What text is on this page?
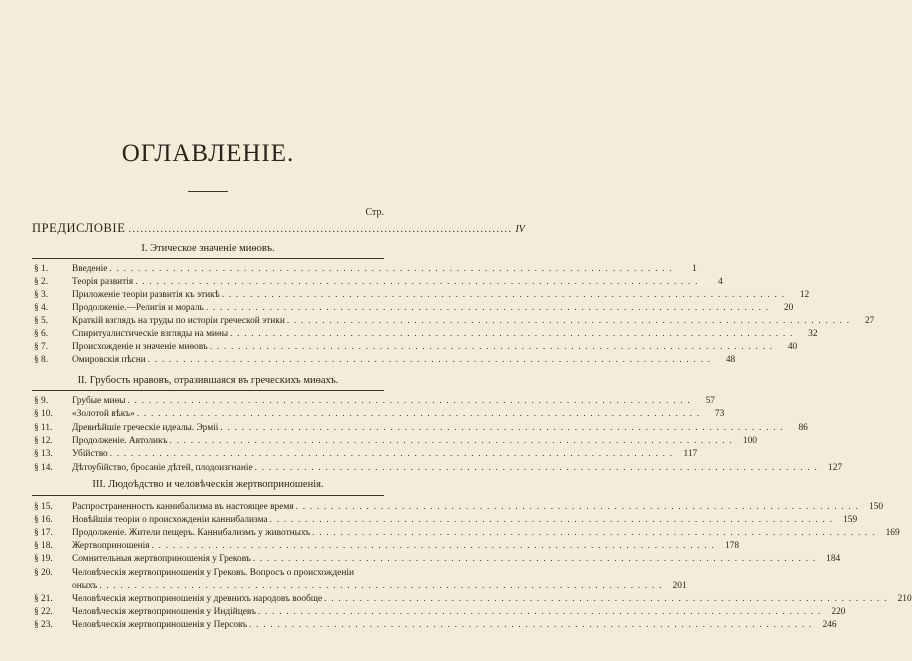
ОГЛАВЛЕНІЕ.
Стр.
ПРЕДИСЛОВІЕ ................................................................................................ IV
I. Этическое значеніе миѳовъ.
§ 1.	Введеніе . . . . . . . . . . . . . . . . . . . . . . . . . . . . . . . . . . . . . . . . . . . . . . . . . . . . . . . . . . . . . . . . . . . . . . . . . . . . . . . .	1
§ 2.	Теорія развитія . . . . . . . . . . . . . . . . . . . . . . . . . . . . . . . . . . . . . . . . . . . . . . . . . . . . . . . . . . . . . . . . . . . . . . . . . . . . . . . .	4
§ 3.	Приложеніе теоріи развитія къ этикѣ . . . . . . . . . . . . . . . . . . . . . . . . . . . . . . . . . . . . . . . . . . . . . . . . . . . . . . . . . . . . . . . . . . . . . . . . . . . . . . . .	12
§ 4.	Продолженіе.—Религія и мораль . . . . . . . . . . . . . . . . . . . . . . . . . . . . . . . . . . . . . . . . . . . . . . . . . . . . . . . . . . . . . . . . . . . . . . . . . . . . . . . .	20
§ 5.	Краткій взглядъ на труды по исторіи греческой этики . . . . . . . . . . . . . . . . . . . . . . . . . . . . . . . . . . . . . . . . . . . . . . . . . . . . . . . . . . . . . . . . . . . . . . . . . . . . . . . .	27
§ 6.	Спиритуалистическіе взгляды на миѳы . . . . . . . . . . . . . . . . . . . . . . . . . . . . . . . . . . . . . . . . . . . . . . . . . . . . . . . . . . . . . . . . . . . . . . . . . . . . . . . .	32
§ 7.	Происхожденіе и значеніе миѳовъ . . . . . . . . . . . . . . . . . . . . . . . . . . . . . . . . . . . . . . . . . . . . . . . . . . . . . . . . . . . . . . . . . . . . . . . . . . . . . . . .	40
§ 8.	Омировскія пѣсни . . . . . . . . . . . . . . . . . . . . . . . . . . . . . . . . . . . . . . . . . . . . . . . . . . . . . . . . . . . . . . . . . . . . . . . . . . . . . . . .	48
II. Грубость нравовъ, отразившаяся въ греческихъ миѳахъ.
§ 9.	Грубые миѳы . . . . . . . . . . . . . . . . . . . . . . . . . . . . . . . . . . . . . . . . . . . . . . . . . . . . . . . . . . . . . . . . . . . . . . . . . . . . . . . .	57
§ 10.	«Золотой вѣкъ» . . . . . . . . . . . . . . . . . . . . . . . . . . . . . . . . . . . . . . . . . . . . . . . . . . . . . . . . . . . . . . . . . . . . . . . . . . . . . . . .	73
§ 11.	Древнѣйшіе греческіе идеалы. Эрміі . . . . . . . . . . . . . . . . . . . . . . . . . . . . . . . . . . . . . . . . . . . . . . . . . . . . . . . . . . . . . . . . . . . . . . . . . . . . . . . .	86
§ 12.	Продолженіе. Автоликъ . . . . . . . . . . . . . . . . . . . . . . . . . . . . . . . . . . . . . . . . . . . . . . . . . . . . . . . . . . . . . . . . . . . . . . . . . . . . . . . .	100
§ 13.	Убійство . . . . . . . . . . . . . . . . . . . . . . . . . . . . . . . . . . . . . . . . . . . . . . . . . . . . . . . . . . . . . . . . . . . . . . . . . . . . . . . .	117
§ 14.	Дѣтоубійство, бросаніе дѣтей, плодоизгнаніе . . . . . . . . . . . . . . . . . . . . . . . . . . . . . . . . . . . . . . . . . . . . . . . . . . . . . . . . . . . . . . . . . . . . . . . . . . . . . . . .	127
III. Людоѣдство и человѣческія жертвоприношенія.
§ 15.	Распространенность каннибализма въ настоящее время . . . . . . . . . . . . . . . . . . . . . . . . . . . . . . . . . . . . . . . . . . . . . . . . . . . . . . . . . . . . . . . . . . . . . . . . . . . . . . . .	150
§ 16.	Новѣйшія теоріи о происхожденіи каннибализма . . . . . . . . . . . . . . . . . . . . . . . . . . . . . . . . . . . . . . . . . . . . . . . . . . . . . . . . . . . . . . . . . . . . . . . . . . . . . . . .	159
§ 17.	Продолженіе. Жители пещеръ. Каннибализмъ у животныхъ . . . . . . . . . . . . . . . . . . . . . . . . . . . . . . . . . . . . . . . . . . . . . . . . . . . . . . . . . . . . . . . . . . . . . . . . . . . . . . . .	169
§ 18.	Жертвоприношенія . . . . . . . . . . . . . . . . . . . . . . . . . . . . . . . . . . . . . . . . . . . . . . . . . . . . . . . . . . . . . . . . . . . . . . . . . . . . . . . .	178
§ 19.	Сомнительныя жертвоприношенія у Грековъ . . . . . . . . . . . . . . . . . . . . . . . . . . . . . . . . . . . . . . . . . . . . . . . . . . . . . . . . . . . . . . . . . . . . . . . . . . . . . . . .	184
§ 20.	Человѣческія жертвоприношенія у Грековъ. Вопросъ о происхожденіи
оныхъ . . . . . . . . . . . . . . . . . . . . . . . . . . . . . . . . . . . . . . . . . . . . . . . . . . . . . . . . . . . . . . . . . . . . . . . . . . . . . . . .	201
§ 21.	Человѣческія жертвоприношенія у древнихъ народовъ вообще . . . . . . . . . . . . . . . . . . . . . . . . . . . . . . . . . . . . . . . . . . . . . . . . . . . . . . . . . . . . . . . . . . . . . . . . . . . . . . . .	210
§ 22.	Человѣческія жертвоприношенія у Индійцевъ . . . . . . . . . . . . . . . . . . . . . . . . . . . . . . . . . . . . . . . . . . . . . . . . . . . . . . . . . . . . . . . . . . . . . . . . . . . . . . . .	220
§ 23.	Человѣческія жертвоприношенія у Персовъ . . . . . . . . . . . . . . . . . . . . . . . . . . . . . . . . . . . . . . . . . . . . . . . . . . . . . . . . . . . . . . . . . . . . . . . . . . . . . . . .	246
